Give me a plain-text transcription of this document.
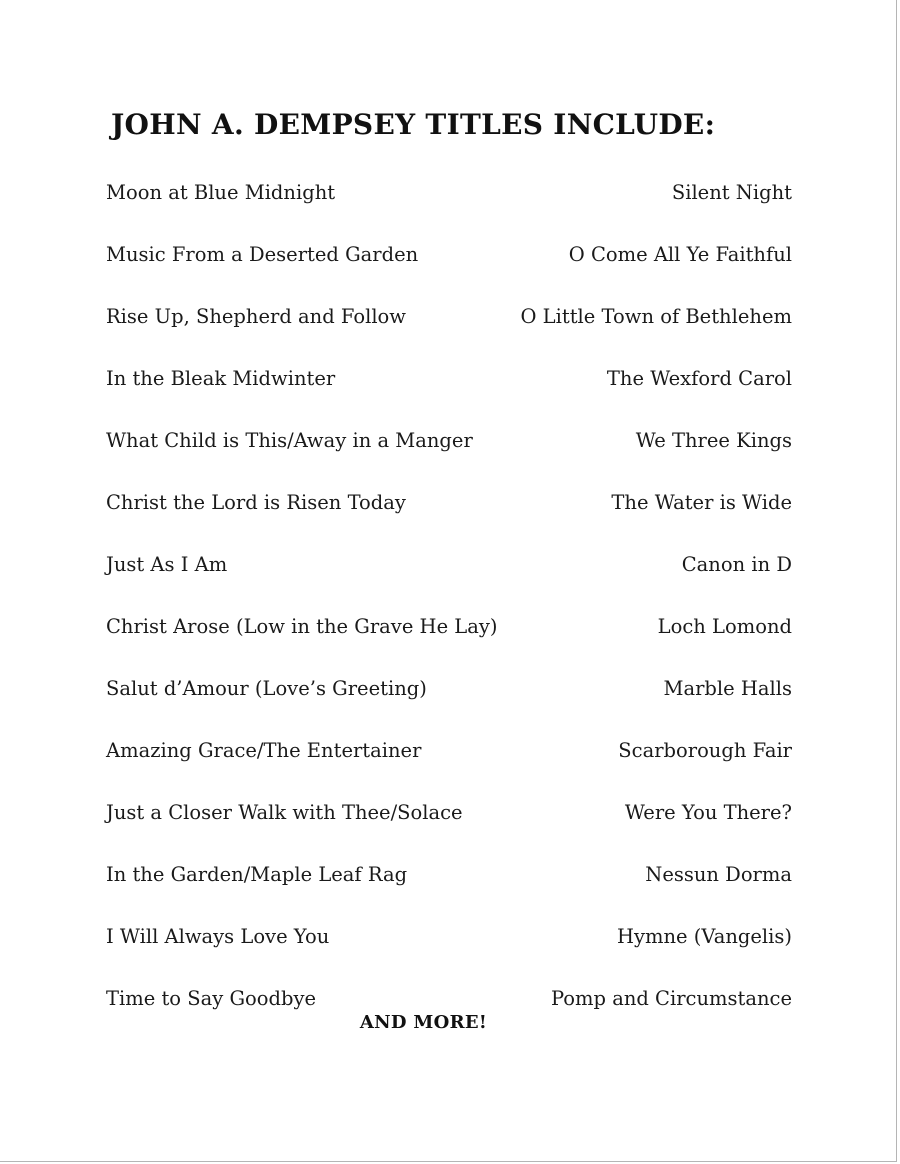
JOHN A. DEMPSEY TITLES INCLUDE:
Moon at Blue Midnight	Silent Night
Music From a Deserted Garden	O Come All Ye Faithful
Rise Up, Shepherd and Follow	O Little Town of Bethlehem
In the Bleak Midwinter	The Wexford Carol
What Child is This/Away in a Manger	We Three Kings
Christ the Lord is Risen Today	The Water is Wide
Just As I Am	Canon in D
Christ Arose (Low in the Grave He Lay)	Loch Lomond
Salut d’Amour (Love’s Greeting)	Marble Halls
Amazing Grace/The Entertainer	Scarborough Fair
Just a Closer Walk with Thee/Solace	Were You There?
In the Garden/Maple Leaf Rag	Nessun Dorma
I Will Always Love You	Hymne (Vangelis)
Time to Say Goodbye	Pomp and Circumstance
AND MORE!
